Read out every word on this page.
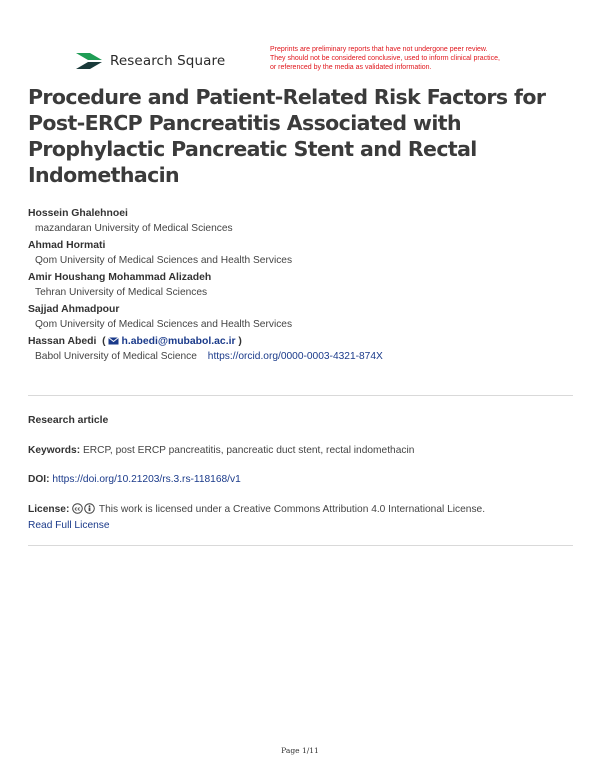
Research Square
Preprints are preliminary reports that have not undergone peer review.
They should not be considered conclusive, used to inform clinical practice,
or referenced by the media as validated information.
Procedure and Patient-Related Risk Factors for Post-ERCP Pancreatitis Associated with Prophylactic Pancreatic Stent and Rectal Indomethacin
Hossein Ghalehnoei
mazandaran University of Medical Sciences
Ahmad Hormati
Qom University of Medical Sciences and Health Services
Amir Houshang Mohammad Alizadeh
Tehran University of Medical Sciences
Sajjad Ahmadpour
Qom University of Medical Sciences and Health Services
Hassan Abedi  ( h.abedi@mubabol.ac.ir )
Babol University of Medical Science https://orcid.org/0000-0003-4321-874X
Research article
Keywords: ERCP, post ERCP pancreatitis, pancreatic duct stent, rectal indomethacin
DOI: https://doi.org/10.21203/rs.3.rs-118168/v1
License: cc This work is licensed under a Creative Commons Attribution 4.0 International License.
Read Full License
Page 1/11
